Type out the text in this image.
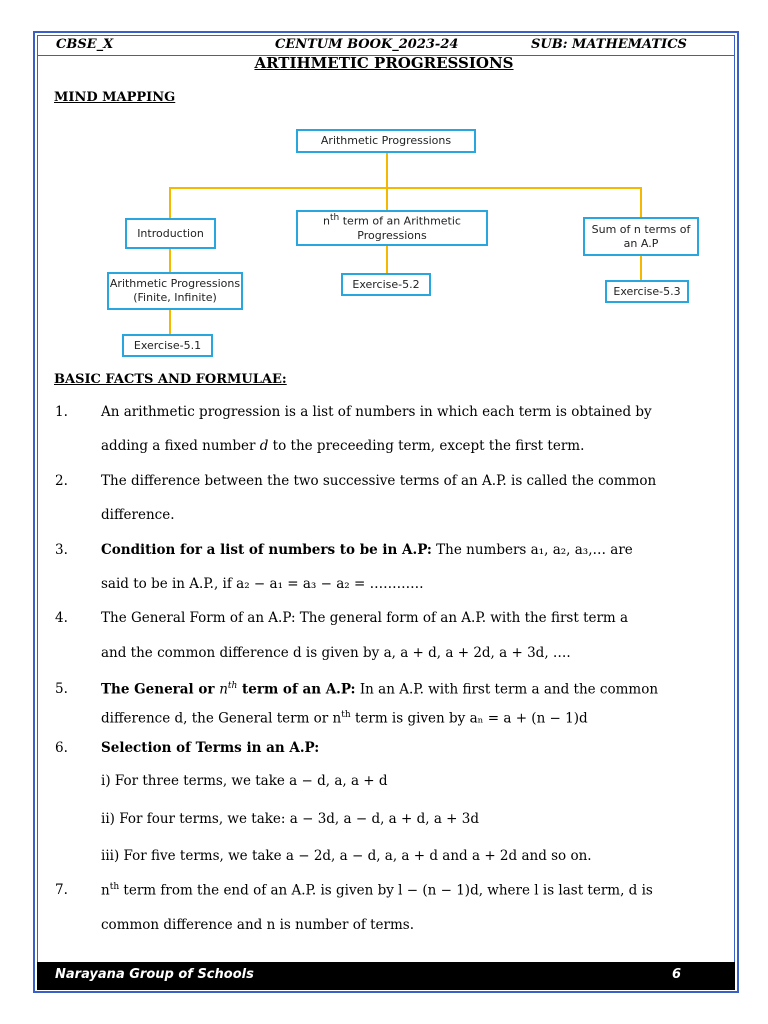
CBSE_X	CENTUM BOOK_2023-24	SUB: MATHEMATICS
ARTIHMETIC PROGRESSIONS
MIND MAPPING
Arithmetic Progressions
Introduction
$n^{th}$ term of an Arithmetic
Progressions	Sum of n terms of
an A.P
Arithmetic Progressions
(Finite, Infinite)
Exercise-5.2
Exercise-5.3
Exercise-5.1
BASIC FACTS AND FORMULAE:
1. An arithmetic progression is a list of numbers in which each term is obtained by
adding a fixed number d to the preceeding term, except the first term.
2. The difference between the two successive terms of an A.P. is called the common
difference.
3. Condition for a list of numbers to be in A.P: The numbers a₁, a₂, a₃,… are
said to be in A.P., if a₂ − a₁ = a₃ − a₂ = …………
4. The General Form of an A.P: The general form of an A.P. with the first term a
and the common difference d is given by a, a + d, a + 2d, a + 3d, ….
5. The General or $n^{th}$ term of an A.P: In an A.P. with first term a and the common
difference d, the General term or $n^{th}$ term is given by aₙ = a + (n − 1)d
6. Selection of Terms in an A.P:
i) For three terms, we take a − d, a, a + d
ii) For four terms, we take: a − 3d, a − d, a + d, a + 3d
iii) For five terms, we take a − 2d, a − d, a, a + d and a + 2d and so on.
7. $n^{th}$ term from the end of an A.P. is given by l − (n − 1)d, where l is last term, d is
common difference and n is number of terms.
Narayana Group of Schools	6
